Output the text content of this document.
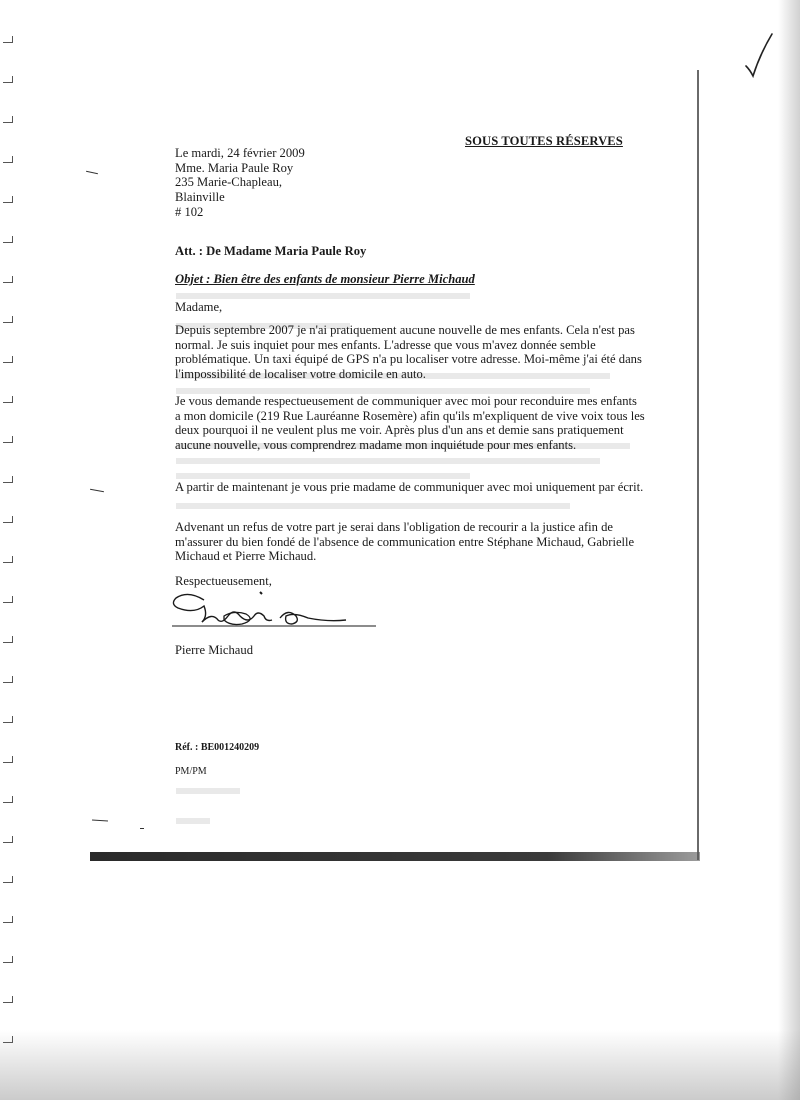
SOUS TOUTES RÉSERVES
Le mardi, 24 février 2009
Mme. Maria Paule Roy
235 Marie-Chapleau,
Blainville
# 102
Att. : De Madame Maria Paule Roy
Objet : Bien être des enfants de monsieur Pierre Michaud
Madame,
Depuis septembre 2007 je n'ai pratiquement aucune nouvelle de mes enfants. Cela n'est pas normal. Je suis inquiet pour mes enfants. L'adresse que vous m'avez donnée semble problématique. Un taxi équipé de GPS n'a pu localiser votre adresse. Moi-même j'ai été dans l'impossibilité de localiser votre domicile en auto.
Je vous demande respectueusement de communiquer avec moi pour reconduire mes enfants a mon domicile (219 Rue Lauréanne Rosemère) afin qu'ils m'expliquent de vive voix tous les deux pourquoi il ne veulent plus me voir. Après plus d'un ans et demie sans pratiquement aucune nouvelle, vous comprendrez madame mon inquiétude pour mes enfants.
A partir de maintenant je vous prie madame de communiquer avec moi uniquement par écrit.
Advenant un refus de votre part je serai dans l'obligation de recourir a la justice afin de m'assurer du bien fondé de l'absence de communication entre Stéphane Michaud, Gabrielle Michaud et Pierre Michaud.
Respectueusement,
Pierre Michaud
Réf. : BE001240209
PM/PM
